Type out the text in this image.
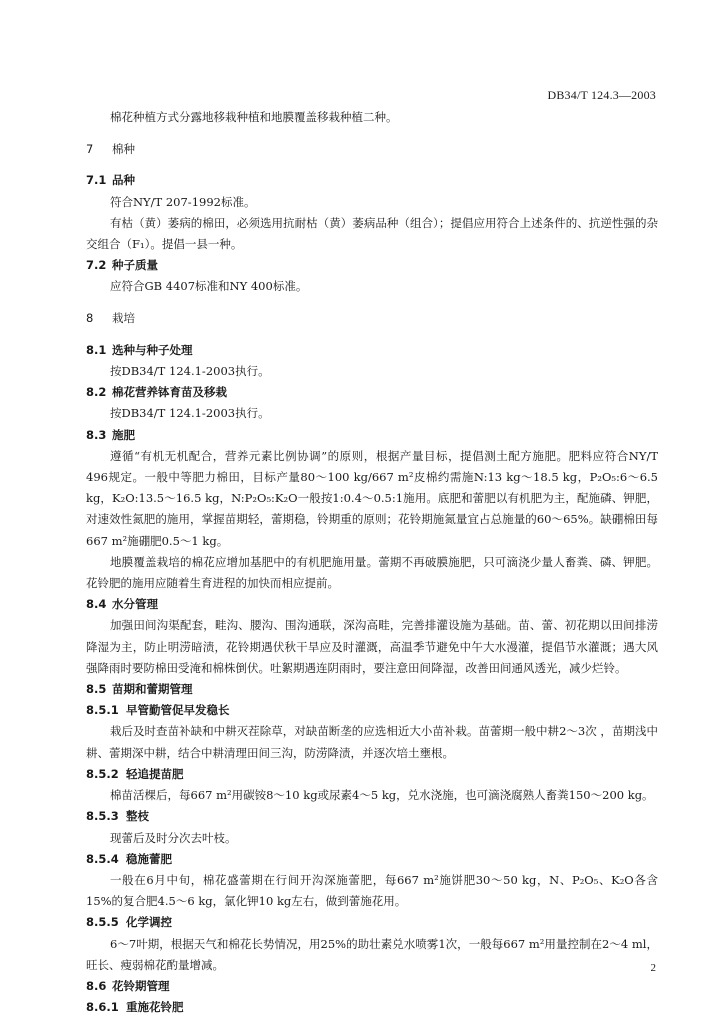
DB34/T 124.3—2003

棉花种植方式分露地移栽种植和地膜覆盖移栽种植二种。

7 棉种
7.1 品种

符合NY/T 207-1992标准。

有枯（黄）萎病的棉田，必须选用抗耐枯（黄）萎病品种（组合）；提倡应用符合上述条件的、抗逆性强的杂交组合（F₁）。提倡一县一种。

7.2 种子质量

应符合GB 4407标准和NY 400标准。

8 栽培
8.1 选种与种子处理

按DB34/T 124.1-2003执行。

8.2 棉花营养钵育苗及移栽

按DB34/T 124.1-2003执行。

8.3 施肥

遵循“有机无机配合，营养元素比例协调”的原则，根据产量目标，提倡测土配方施肥。肥料应符合NY/T 496规定。一般中等肥力棉田，目标产量80～100 kg/667 m²皮棉约需施N:13 kg～18.5 kg，P₂O₅:6～6.5 kg，K₂O:13.5～16.5 kg，N:P₂O₅:K₂O一般按1:0.4～0.5:1施用。底肥和蕾肥以有机肥为主，配施磷、钾肥，对速效性氮肥的施用，掌握苗期轻，蕾期稳，铃期重的原则；花铃期施氮量宜占总施量的60～65%。缺硼棉田每667 m²施硼肥0.5～1 kg。

地膜覆盖栽培的棉花应增加基肥中的有机肥施用量。蕾期不再破膜施肥，只可滴浇少量人畜粪、磷、钾肥。花铃肥的施用应随着生育进程的加快而相应提前。

8.4 水分管理

加强田间沟渠配套，畦沟、腰沟、围沟通联，深沟高畦，完善排灌设施为基础。苗、蕾、初花期以田间排涝降湿为主，防止明涝暗渍，花铃期遇伏秋干旱应及时灌溉，高温季节避免中午大水漫灌，提倡节水灌溉；遇大风强降雨时要防棉田受淹和棉株倒伏。吐絮期遇连阴雨时，要注意田间降湿，改善田间通风透光，减少烂铃。

8.5 苗期和蕾期管理
8.5.1 早管勤管促早发稳长

栽后及时查苗补缺和中耕灭茬除草，对缺苗断垄的应选相近大小苗补栽。苗蕾期一般中耕2～3次 ，苗期浅中耕、蕾期深中耕，结合中耕清理田间三沟，防涝降渍，并逐次培土壅根。

8.5.2 轻追提苗肥

棉苗活棵后，每667 m²用碳铵8～10 kg或尿素4～5 kg，兑水浇施，也可滴浇腐熟人畜粪150～200 kg。

8.5.3 整枝

现蕾后及时分次去叶枝。

8.5.4 稳施蕾肥

一般在6月中旬，棉花盛蕾期在行间开沟深施蕾肥，每667 m²施饼肥30～50 kg，N、P₂O₅、K₂O各含15%的复合肥4.5～6 kg，氯化钾10 kg左右，做到蕾施花用。

8.5.5 化学调控

6～7叶期，根据天气和棉花长势情况，用25%的助壮素兑水喷雾1次，一般每667 m²用量控制在2～4 ml，旺长、瘦弱棉花酌量增减。

8.6 花铃期管理
8.6.1 重施花铃肥
2
